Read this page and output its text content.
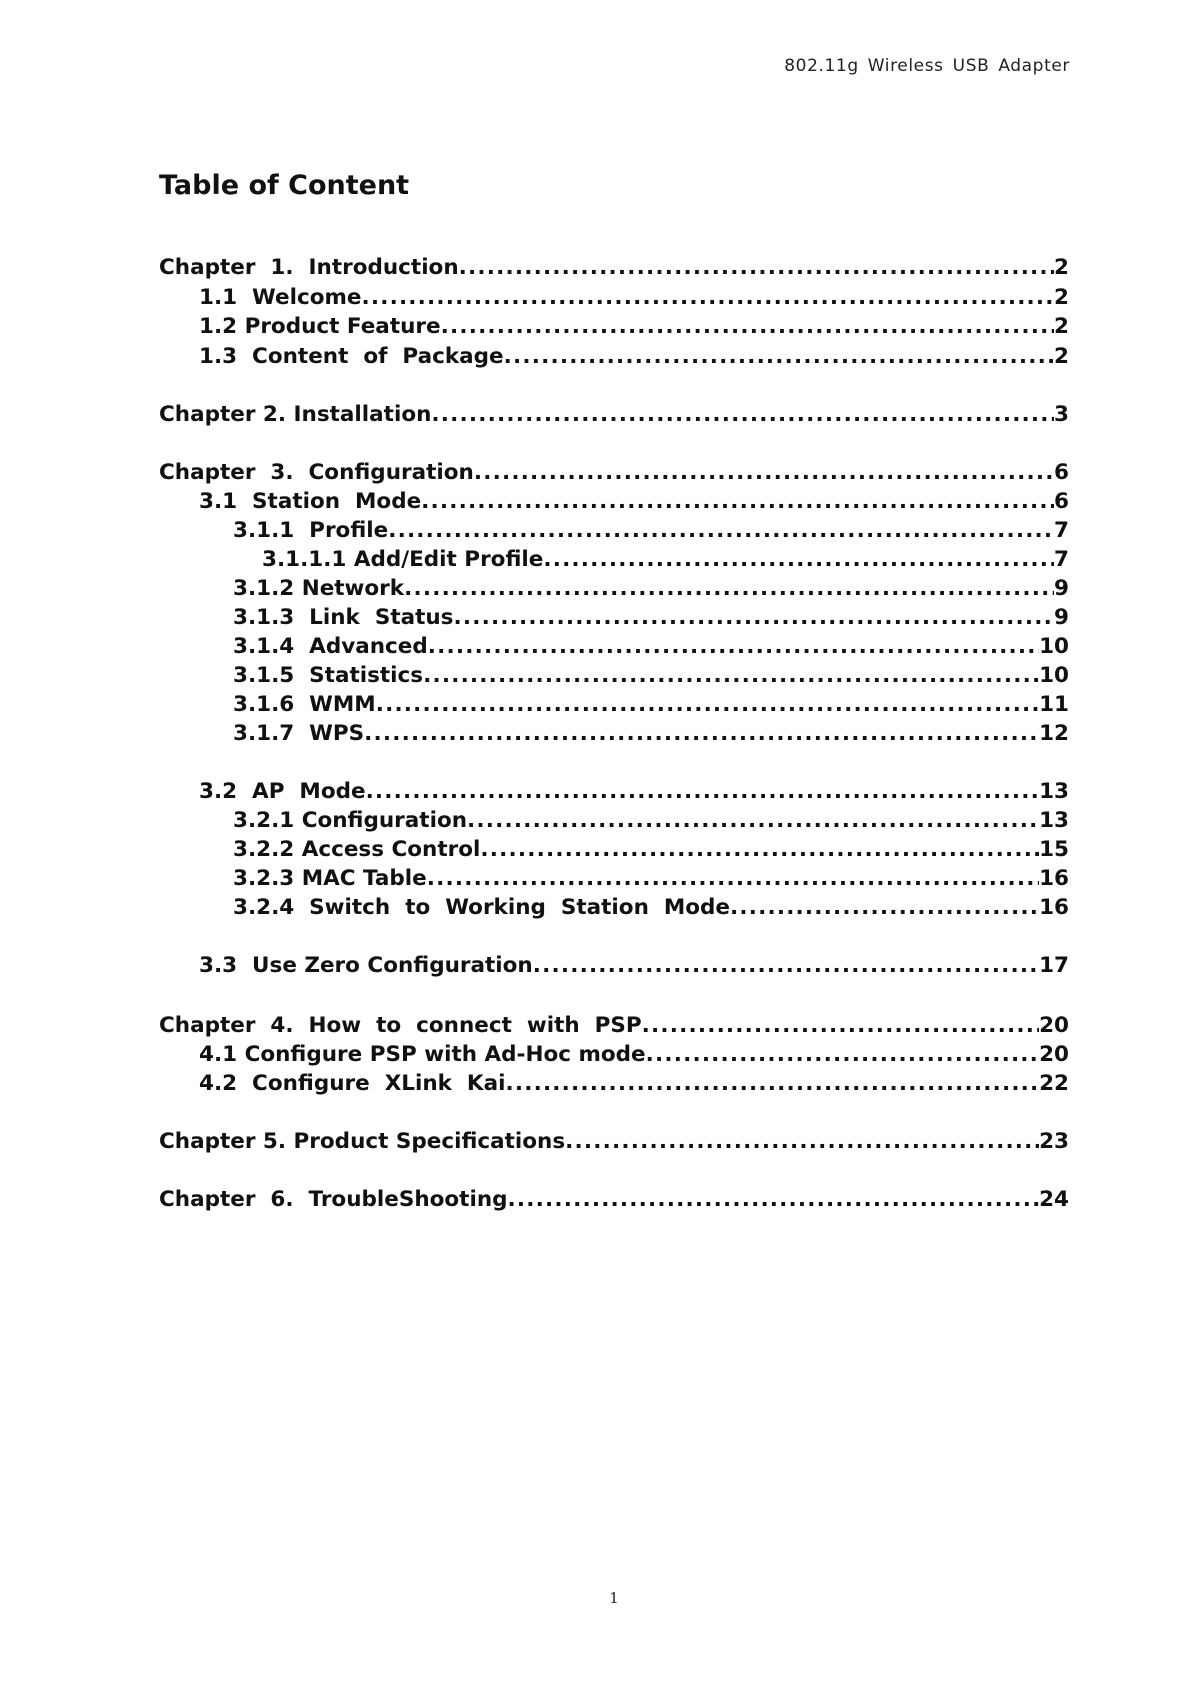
802.11g Wireless USB Adapter
Table of Content
Chapter  1.  Introduction .....	2
1.1  Welcome .....	2
1.2 Product Feature .....	2
1.3  Content  of  Package .....	2
Chapter 2. Installation .....	3
Chapter  3.  Configuration .....	6
3.1  Station  Mode .....	6
3.1.1  Profile .....	7
3.1.1.1 Add/Edit Profile .....	7
3.1.2 Network .....	9
3.1.3  Link  Status .....	9
3.1.4  Advanced .....	10
3.1.5  Statistics .....	10
3.1.6  WMM .....	11
3.1.7  WPS .....	12
3.2  AP  Mode .....	13
3.2.1 Configuration .....	13
3.2.2 Access Control .....	15
3.2.3 MAC Table .....	16
3.2.4  Switch  to  Working  Station  Mode .....	16
3.3  Use Zero Configuration .....	17
Chapter  4.  How  to  connect  with  PSP .....	20
4.1 Configure PSP with Ad-Hoc mode .....	20
4.2  Configure  XLink  Kai .....	22
Chapter 5. Product Specifications .....	23
Chapter  6.  TroubleShooting .....	24
1
